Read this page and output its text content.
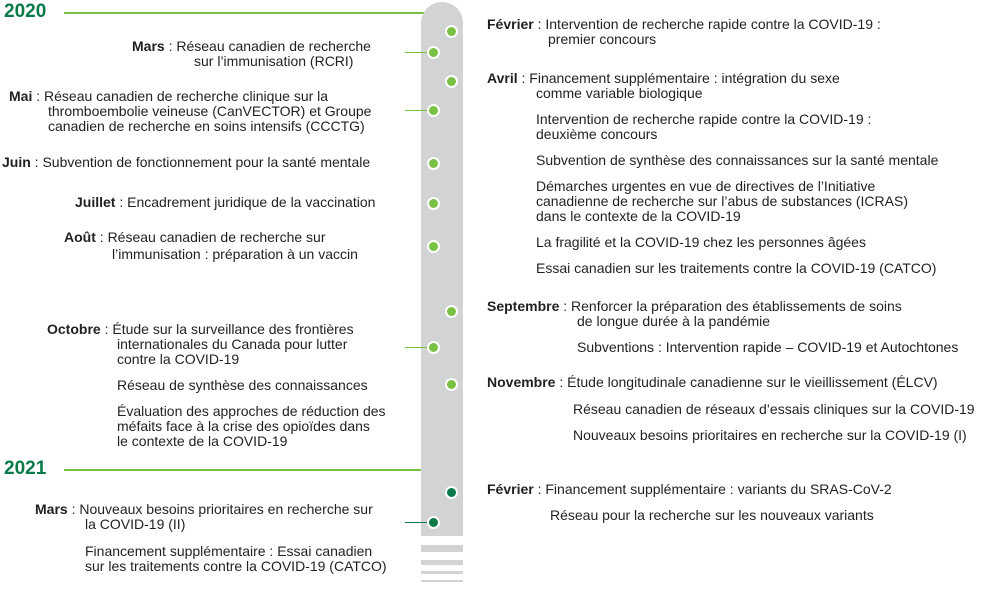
2020
2021
Mars : Réseau canadien de recherche
sur l’immunisation (RCRI)
Mai : Réseau canadien de recherche clinique sur la
thromboembolie veineuse (CanVECTOR) et Groupe
canadien de recherche en soins intensifs (CCCTG)
Juin : Subvention de fonctionnement pour la santé mentale
Juillet : Encadrement juridique de la vaccination
Août : Réseau canadien de recherche sur
l’immunisation : préparation à un vaccin
Octobre : Étude sur la surveillance des frontières
internationales du Canada pour lutter
contre la COVID-19
Réseau de synthèse des connaissances
Évaluation des approches de réduction des
méfaits face à la crise des opioïdes dans
le contexte de la COVID-19
Mars : Nouveaux besoins prioritaires en recherche sur
la COVID-19 (II)
Financement supplémentaire : Essai canadien
sur les traitements contre la COVID-19 (CATCO)
Février : Intervention de recherche rapide contre la COVID-19 :
premier concours
Avril : Financement supplémentaire : intégration du sexe
comme variable biologique
Intervention de recherche rapide contre la COVID-19 :
deuxième concours
Subvention de synthèse des connaissances sur la santé mentale
Démarches urgentes en vue de directives de l’Initiative
canadienne de recherche sur l’abus de substances (ICRAS)
dans le contexte de la COVID-19
La fragilité et la COVID-19 chez les personnes âgées
Essai canadien sur les traitements contre la COVID-19 (CATCO)
Septembre : Renforcer la préparation des établissements de soins
de longue durée à la pandémie
Subventions : Intervention rapide – COVID-19 et Autochtones
Novembre : Étude longitudinale canadienne sur le vieillissement (ÉLCV)
Réseau canadien de réseaux d’essais cliniques sur la COVID-19
Nouveaux besoins prioritaires en recherche sur la COVID-19 (I)
Février : Financement supplémentaire : variants du SRAS-CoV-2
Réseau pour la recherche sur les nouveaux variants
